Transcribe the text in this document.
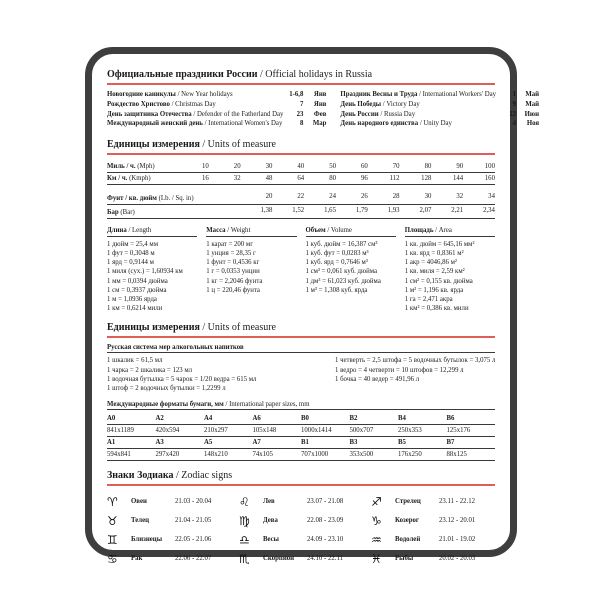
Официальные праздники России / Official holidays in Russia
Новогодние каникулы / New Year holidays	1-6,8	Янв
Рождество Христово / Christmas Day	7	Янв
День защитника Отечества / Defender of the Fatherland Day	23	Фев
Международный женский день / International Women's Day	8	Мар
Праздник Весны и Труда / International Workers' Day	1	Май
День Победы / Victory Day	9	Май
День России / Russia Day	12	Июн
День народного единства / Unity Day	4	Ноя
Единицы измерения / Units of measure
Миль / ч. (Mph)	10	20	30	40	50	60	70	80	90	100
Км / ч. (Kmph)	16	32	48	64	80	96	112	128	144	160
Фунт / кв. дюйм (Lb. / Sq. in)	20	22	24	26	28	30	32	34
Бар (Bar)	1,38	1,52	1,65	1,79	1,93	2,07	2,21	2,34
Длина / Length
1 дюйм = 25,4 мм
1 фут = 0,3048 м
1 ярд = 0,9144 м
1 миля (сух.) = 1,60934 км
1 мм = 0,0394 дюйма
1 см = 0,3937 дюйма
1 м = 1,0936 ярда
1 км = 0,6214 мили
Масса / Weight
1 карат = 200 мг
1 унция = 28,35 г
1 фунт = 0,4536 кг
1 г = 0,0353 унции
1 кг = 2,2046 фунта
1 ц = 220,46 фунта
Объем / Volume
1 куб. дюйм = 16,387 см³
1 куб. фут = 0,0283 м³
1 куб. ярд = 0,7646 м³
1 см³ = 0,061 куб. дюйма
1 дм³ = 61,023 куб. дюйма
1 м³ = 1,308 куб. ярда
Площадь / Area
1 кв. дюйм = 645,16 мм²
1 кв. ярд = 0,8361 м²
1 акр = 4046,86 м²
1 кв. миля = 2,59 км²
1 см² = 0,155 кв. дюйма
1 м² = 1,196 кв. ярда
1 га = 2,471 акра
1 км² = 0,386 кв. мили
Единицы измерения / Units of measure
Русская система мер алкогольных напитков
1 шкалик = 61,5 мл
1 чарка = 2 шкалика = 123 мл
1 водочная бутылка = 5 чарок = 1/20 ведра = 615 мл
1 штоф = 2 водочных бутылки = 1,2299 л
1 четверть = 2,5 штофа = 5 водочных бутылок = 3,075 л
1 ведро = 4 четверти = 10 штофов = 12,299 л
1 бочка = 40 ведер = 491,96 л
Международные форматы бумаги, мм / International paper sizes, mm
A0	A2	A4	A6	B0	B2	B4	B6
841x1189	420x594	210x297	105x148	1000x1414	500x707	250x353	125x176
A1	A3	A5	A7	B1	B3	B5	B7
594x841	297x420	148x210	74x105	707x1000	353x500	176x250	88x125
Знаки Зодиака / Zodiac signs
♈	Овен	21.03 - 20.04
♉	Телец	21.04 - 21.05
♊	Близнецы	22.05 - 21.06
♋	Рак	22.06 - 22.07
♌	Лев	23.07 - 21.08
♍	Дева	22.08 - 23.09
♎	Весы	24.09 - 23.10
♏	Скорпион	24.10 - 22.11
♐	Стрелец	23.11 - 22.12
♑	Козерог	23.12 - 20.01
♒	Водолей	21.01 - 19.02
♓	Рыбы	20.02 - 20.03
